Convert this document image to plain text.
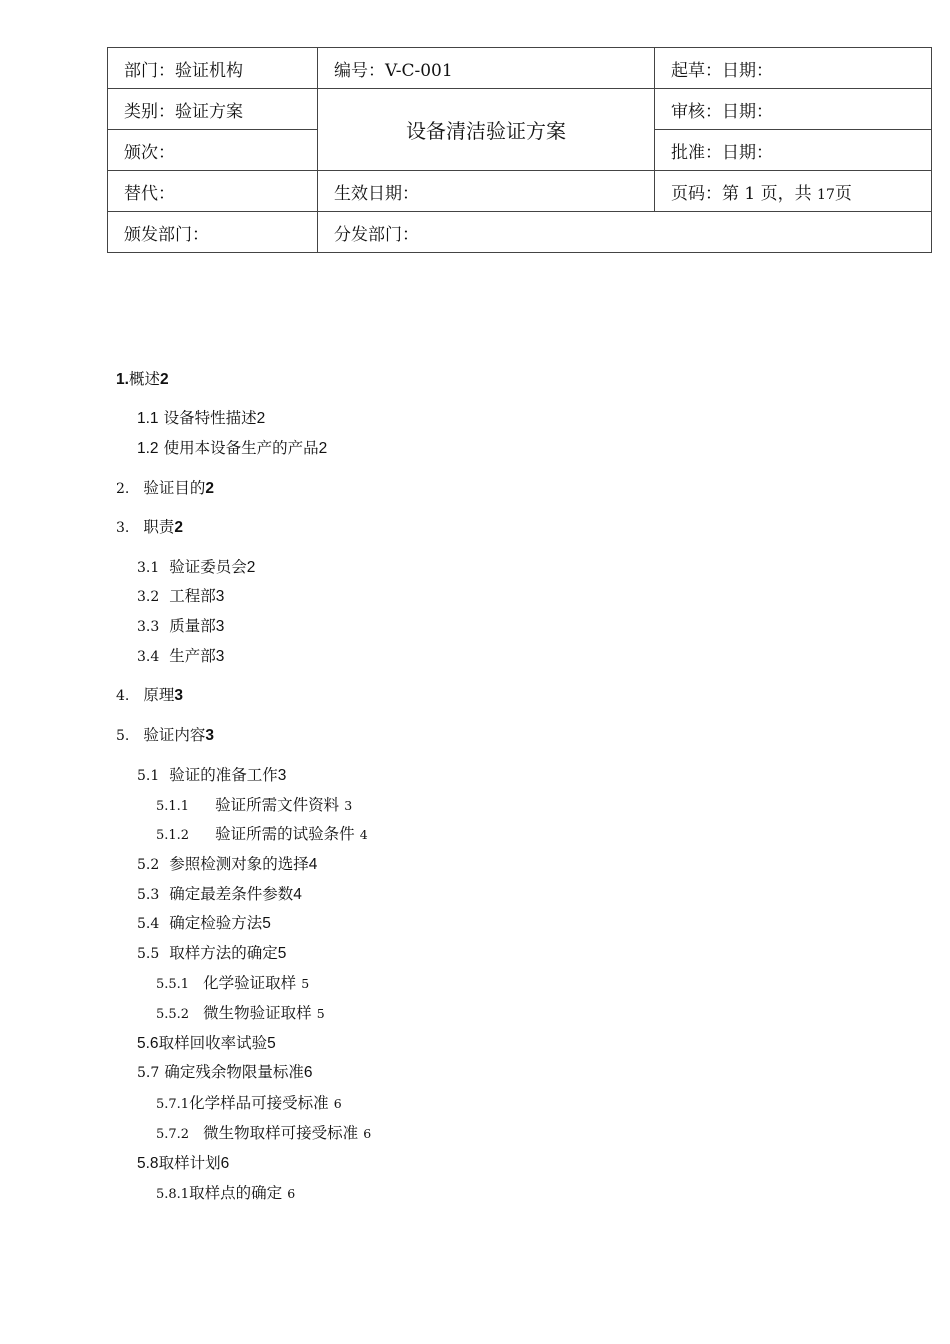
部门：验证机构	编号：V-C-001	起草：日期：
类别：验证方案	设备清洁验证方案	审核：日期：
颁次：		批准：日期：
替代：	生效日期：	页码：第 1 页，共 17页
颁发部门：	分发部门：	
1.概述2
1.1 设备特性描述2
1.2 使用本设备生产的产品2
2. 验证目的2
3. 职责2
3.1 验证委员会2
3.2 工程部3
3.3 质量部3
3.4 生产部3
4. 原理3
5. 验证内容3
5.1 验证的准备工作3
5.1.1 验证所需文件资料 3
5.1.2 验证所需的试验条件 4
5.2 参照检测对象的选择4
5.3 确定最差条件参数4
5.4 确定检验方法5
5.5 取样方法的确定5
5.5.1 化学验证取样 5
5.5.2 微生物验证取样 5
5.6取样回收率试验5
5.7 确定残余物限量标准6
5.7.1化学样品可接受标准 6
5.7.2 微生物取样可接受标准 6
5.8取样计划6
5.8.1取样点的确定 6
